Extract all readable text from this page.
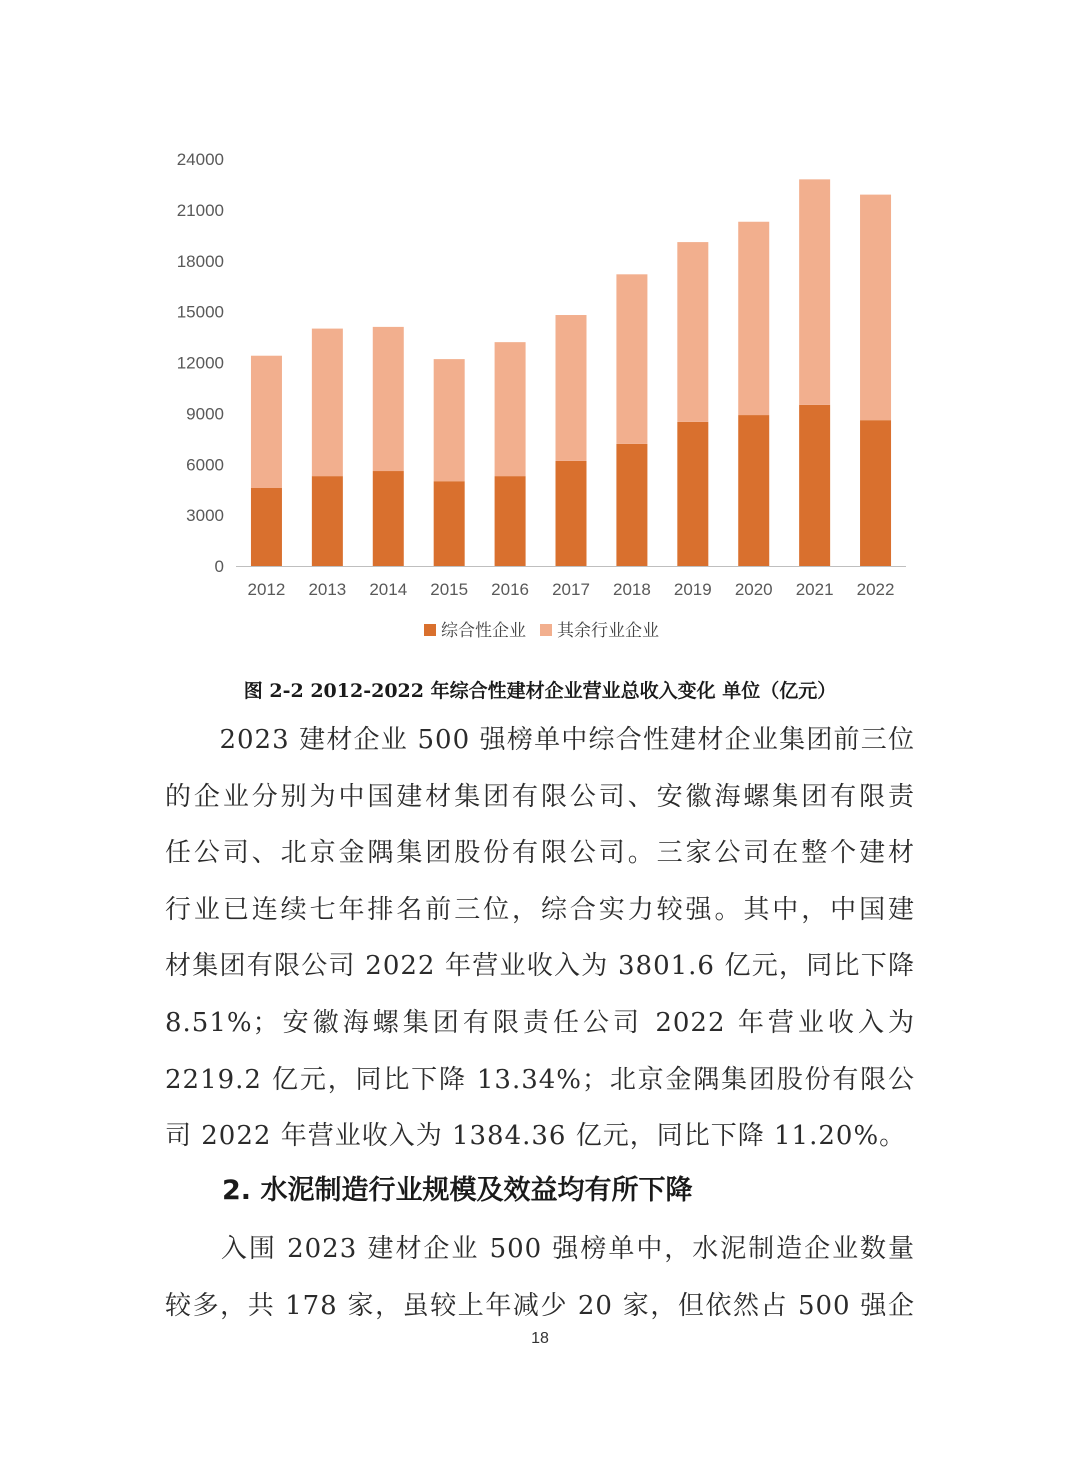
0
3000
6000
9000
12000
15000
18000
21000
24000
2012 2013 2014 2015 2016 2017 2018 2019 2020 2021 2022
综合性企业 其余行业企业
图 2-2 2012-2022 年综合性建材企业营业总收入变化 单位（亿元）
　　2023 建材企业 500 强榜单中综合性建材企业集团前三位
的企业分别为中国建材集团有限公司、安徽海螺集团有限责
任公司、北京金隅集团股份有限公司。三家公司在整个建材
行业已连续七年排名前三位，综合实力较强。其中，中国建
材集团有限公司 2022 年营业收入为 3801.6 亿元，同比下降
8.51%；安徽海螺集团有限责任公司 2022 年营业收入为
2219.2 亿元，同比下降 13.34%；北京金隅集团股份有限公
司 2022 年营业收入为 1384.36 亿元，同比下降 11.20%。
2. 水泥制造行业规模及效益均有所下降
　　入围 2023 建材企业 500 强榜单中，水泥制造企业数量
较多，共 178 家，虽较上年减少 20 家，但依然占 500 强企
18
